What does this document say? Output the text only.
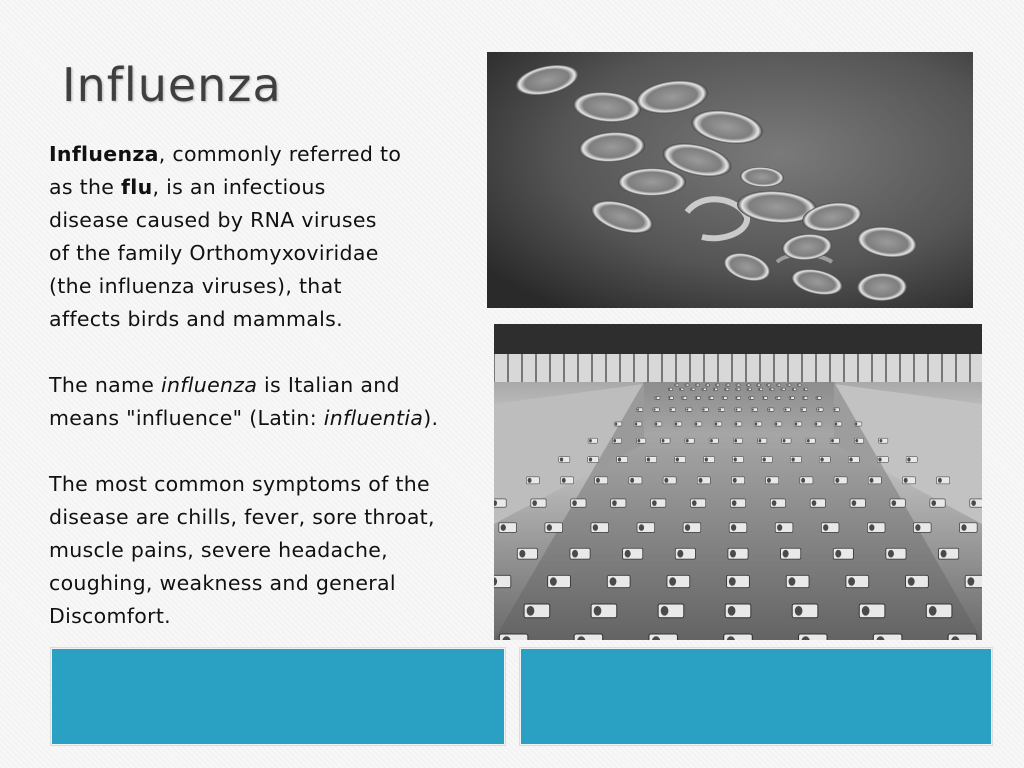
Influenza

Influenza, commonly referred to

as the flu, is an infectious

disease caused by RNA viruses

of the family Orthomyxoviridae

(the influenza viruses), that

affects birds and mammals.

The name influenza is Italian and

means "influence" (Latin: influentia).

The most common symptoms of the

disease are chills, fever, sore throat,

muscle pains, severe headache,

coughing, weakness and general

Discomfort.
